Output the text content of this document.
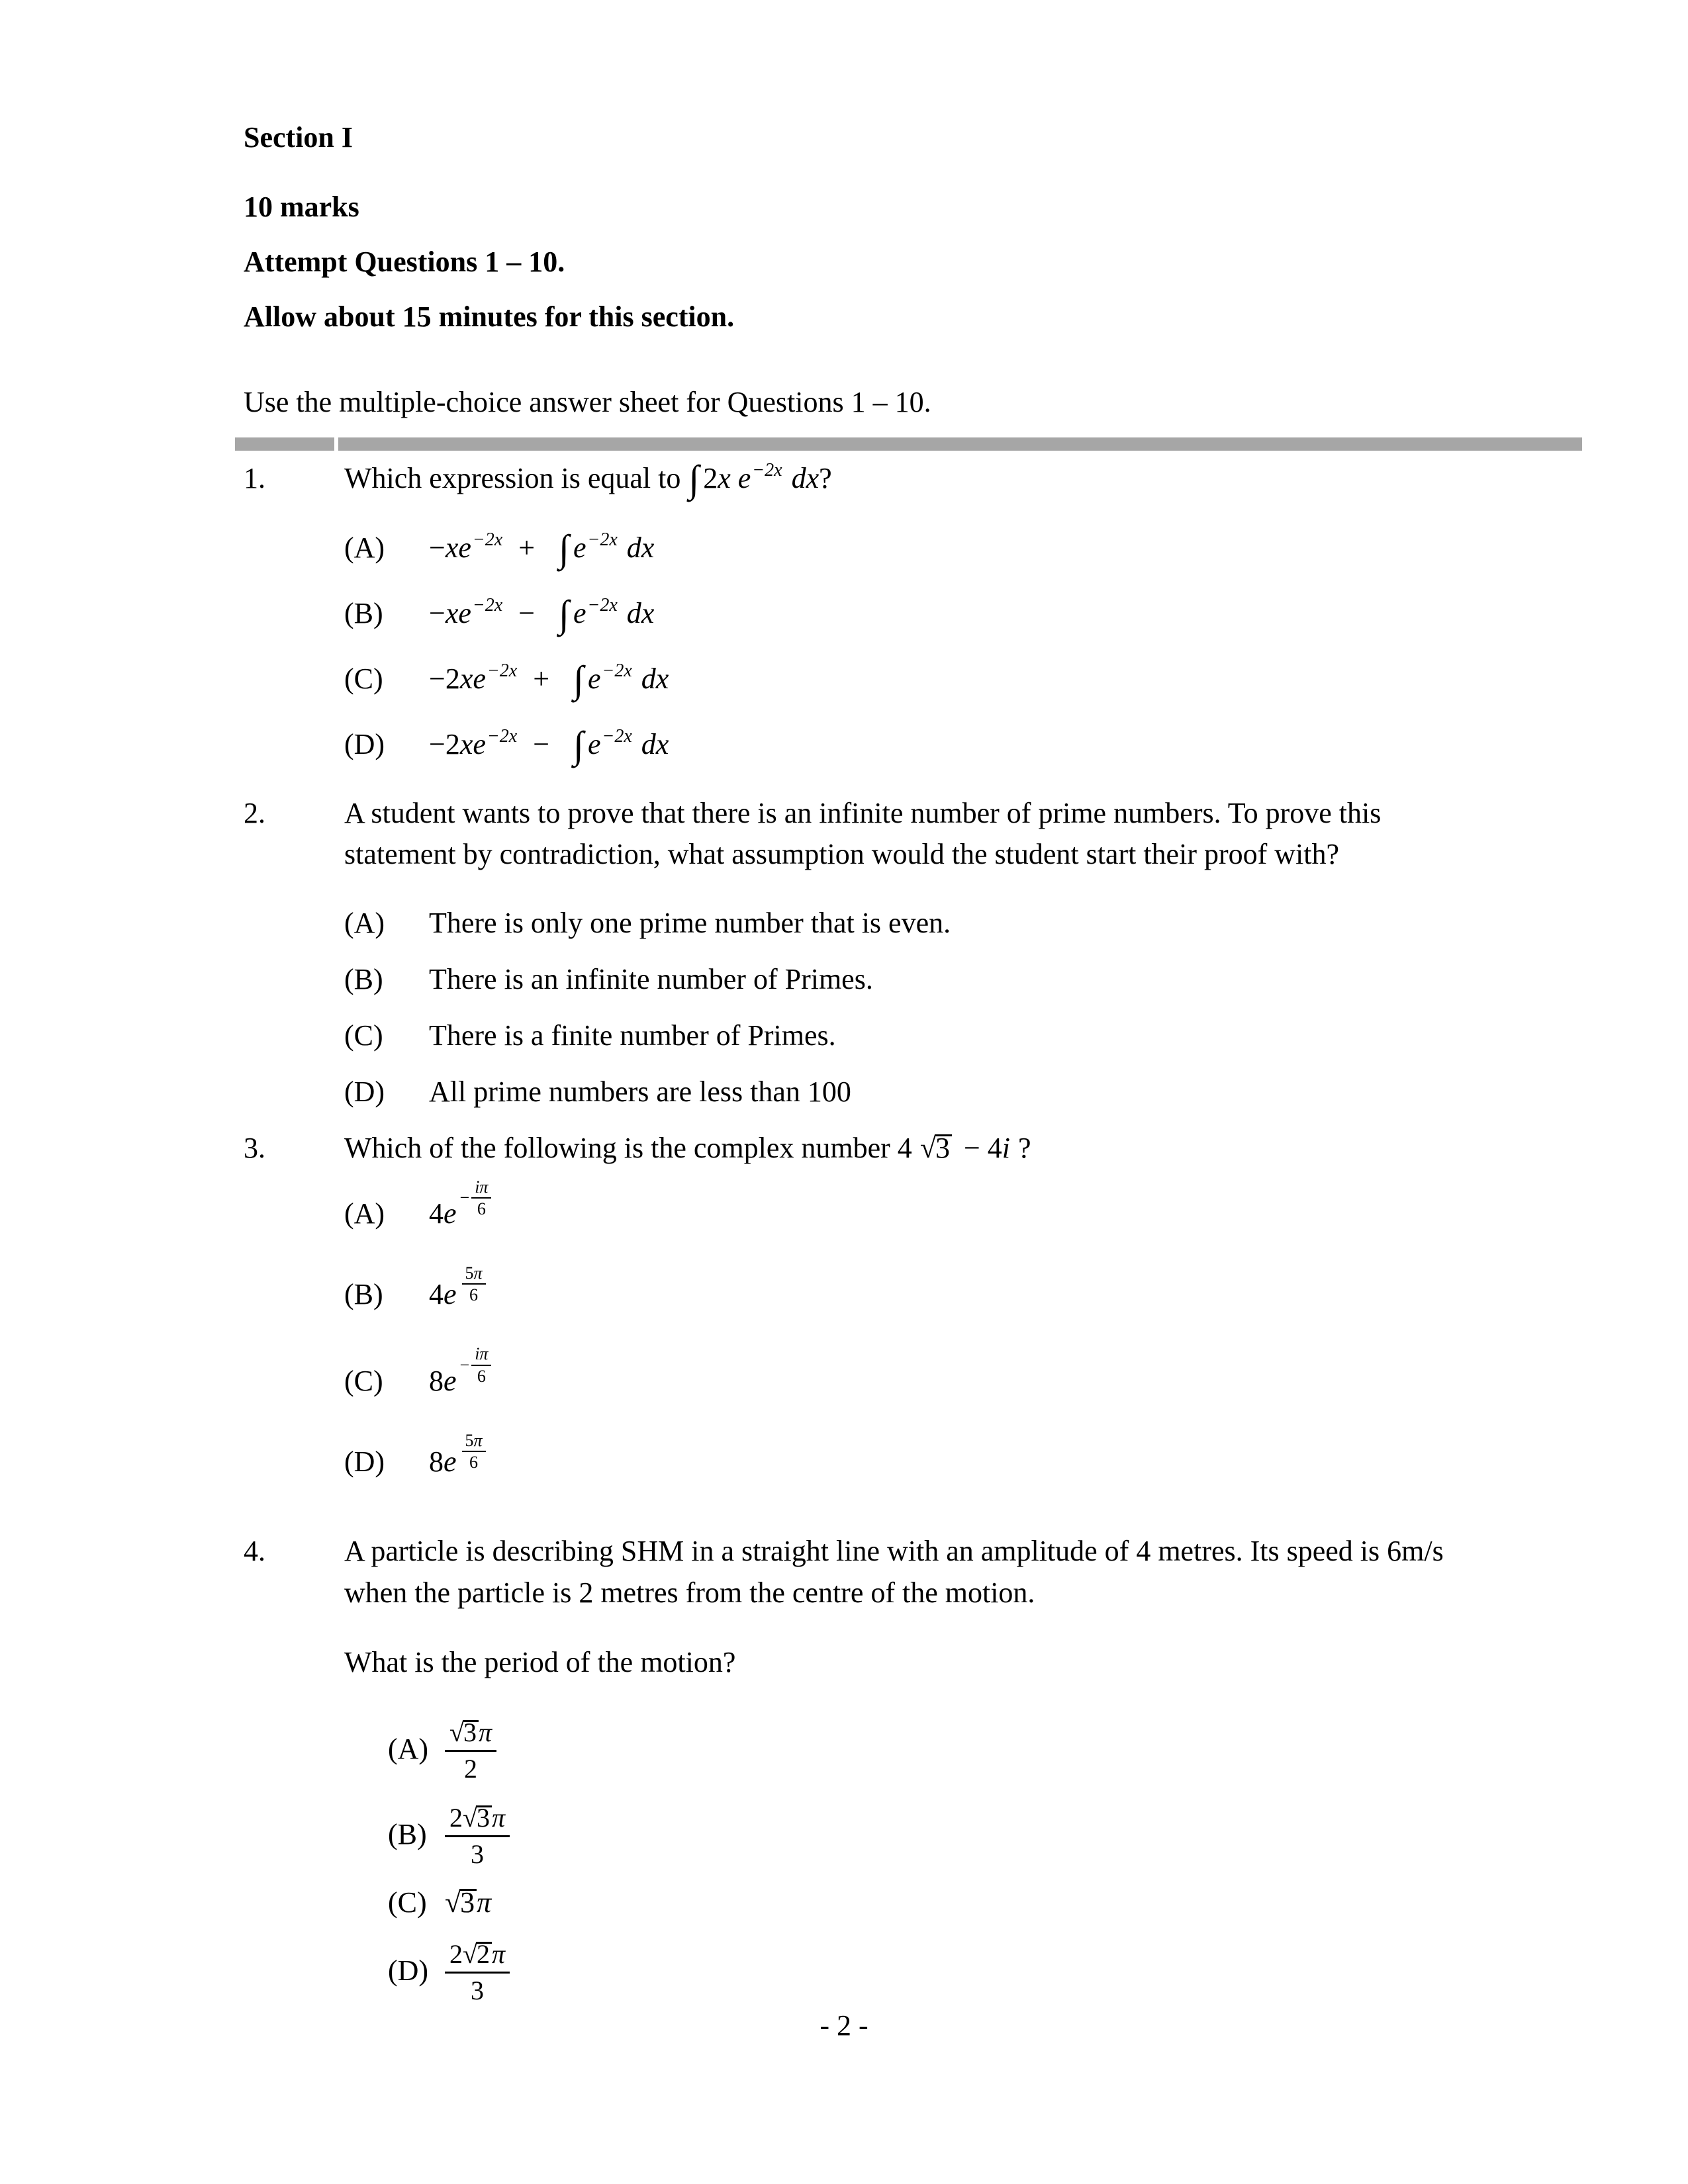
Section I

10 marks

Attempt Questions 1 – 10.

Allow about 15 minutes for this section.

Use the multiple-choice answer sheet for Questions 1 – 10.

1.	Which expression is equal to ∫ 2x $e^{-2x}$ dx?
(A)	$-xe^{-2x}$ + ∫ $e^{-2x}$ dx
(B)	$-xe^{-2x}$ − ∫ $e^{-2x}$ dx
(C)	$-2xe^{-2x}$ + ∫ $e^{-2x}$ dx
(D)	$-2xe^{-2x}$ − ∫ $e^{-2x}$ dx
2.	A student wants to prove that there is an infinite number of prime numbers. To prove this
statement by contradiction, what assumption would the student start their proof with?
(A)	There is only one prime number that is even.
(B)	There is an infinite number of Primes.
(C)	There is a finite number of Primes.
(D)	All prime numbers are less than 100
3.	Which of the following is the complex number 4 √3 − 4i ?
(A)	$4e - \frac{i\pi}{6}$
(B)	4e
5π
6
(C)	$8e - \frac{i\pi}{6}$
(D)	8e
5π
6
4.	A particle is describing SHM in a straight line with an amplitude of 4 metres. Its speed is 6m/s
when the particle is 2 metres from the centre of the motion.
What is the period of the motion?
$(A) \frac{√3\pi}{2}$
$(B) \frac{2√3\pi}{3}$
(C) √3π
$(D) \frac{2√2\pi}{3}$
- 2 -
